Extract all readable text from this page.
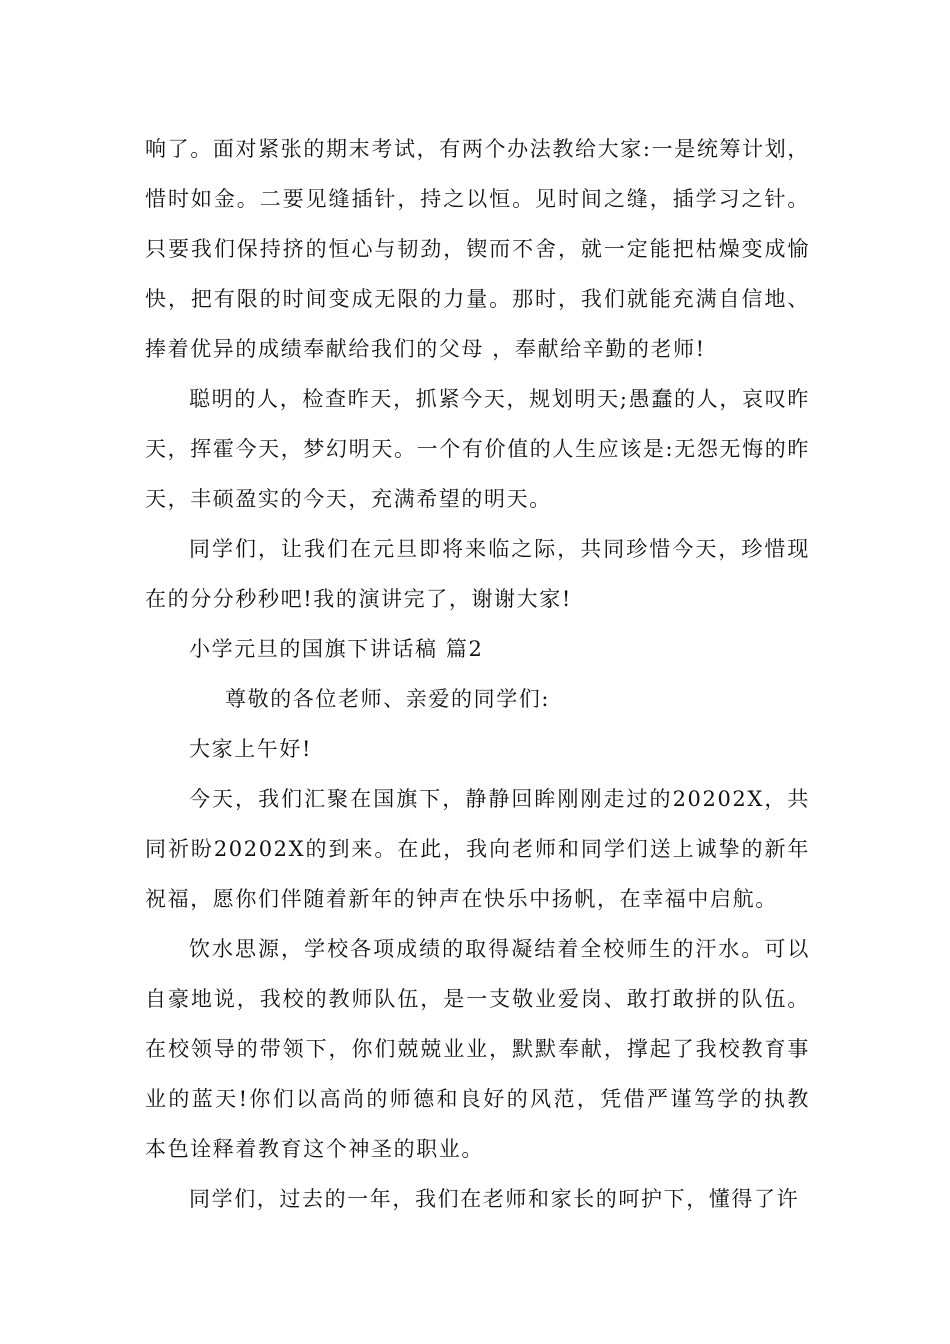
响了。面对紧张的期末考试，有两个办法教给大家:一是统筹计划，惜时如金。二要见缝插针，持之以恒。见时间之缝，插学习之针。只要我们保持挤的恒心与韧劲，锲而不舍，就一定能把枯燥变成愉快，把有限的时间变成无限的力量。那时，我们就能充满自信地、捧着优异的成绩奉献给我们的父母 ，奉献给辛勤的老师!

聪明的人，检查昨天，抓紧今天，规划明天;愚蠢的人，哀叹昨天，挥霍今天，梦幻明天。一个有价值的人生应该是:无怨无悔的昨天，丰硕盈实的今天，充满希望的明天。

同学们，让我们在元旦即将来临之际，共同珍惜今天，珍惜现在的分分秒秒吧!我的演讲完了，谢谢大家!

小学元旦的国旗下讲话稿 篇2

尊敬的各位老师、亲爱的同学们:

大家上午好!

今天，我们汇聚在国旗下，静静回眸刚刚走过的20202X，共同祈盼20202X的到来。在此，我向老师和同学们送上诚挚的新年祝福，愿你们伴随着新年的钟声在快乐中扬帆，在幸福中启航。

饮水思源，学校各项成绩的取得凝结着全校师生的汗水。可以自豪地说，我校的教师队伍，是一支敬业爱岗、敢打敢拼的队伍。在校领导的带领下，你们兢兢业业，默默奉献，撑起了我校教育事业的蓝天!你们以高尚的师德和良好的风范，凭借严谨笃学的执教本色诠释着教育这个神圣的职业。

同学们，过去的一年，我们在老师和家长的呵护下，懂得了许
